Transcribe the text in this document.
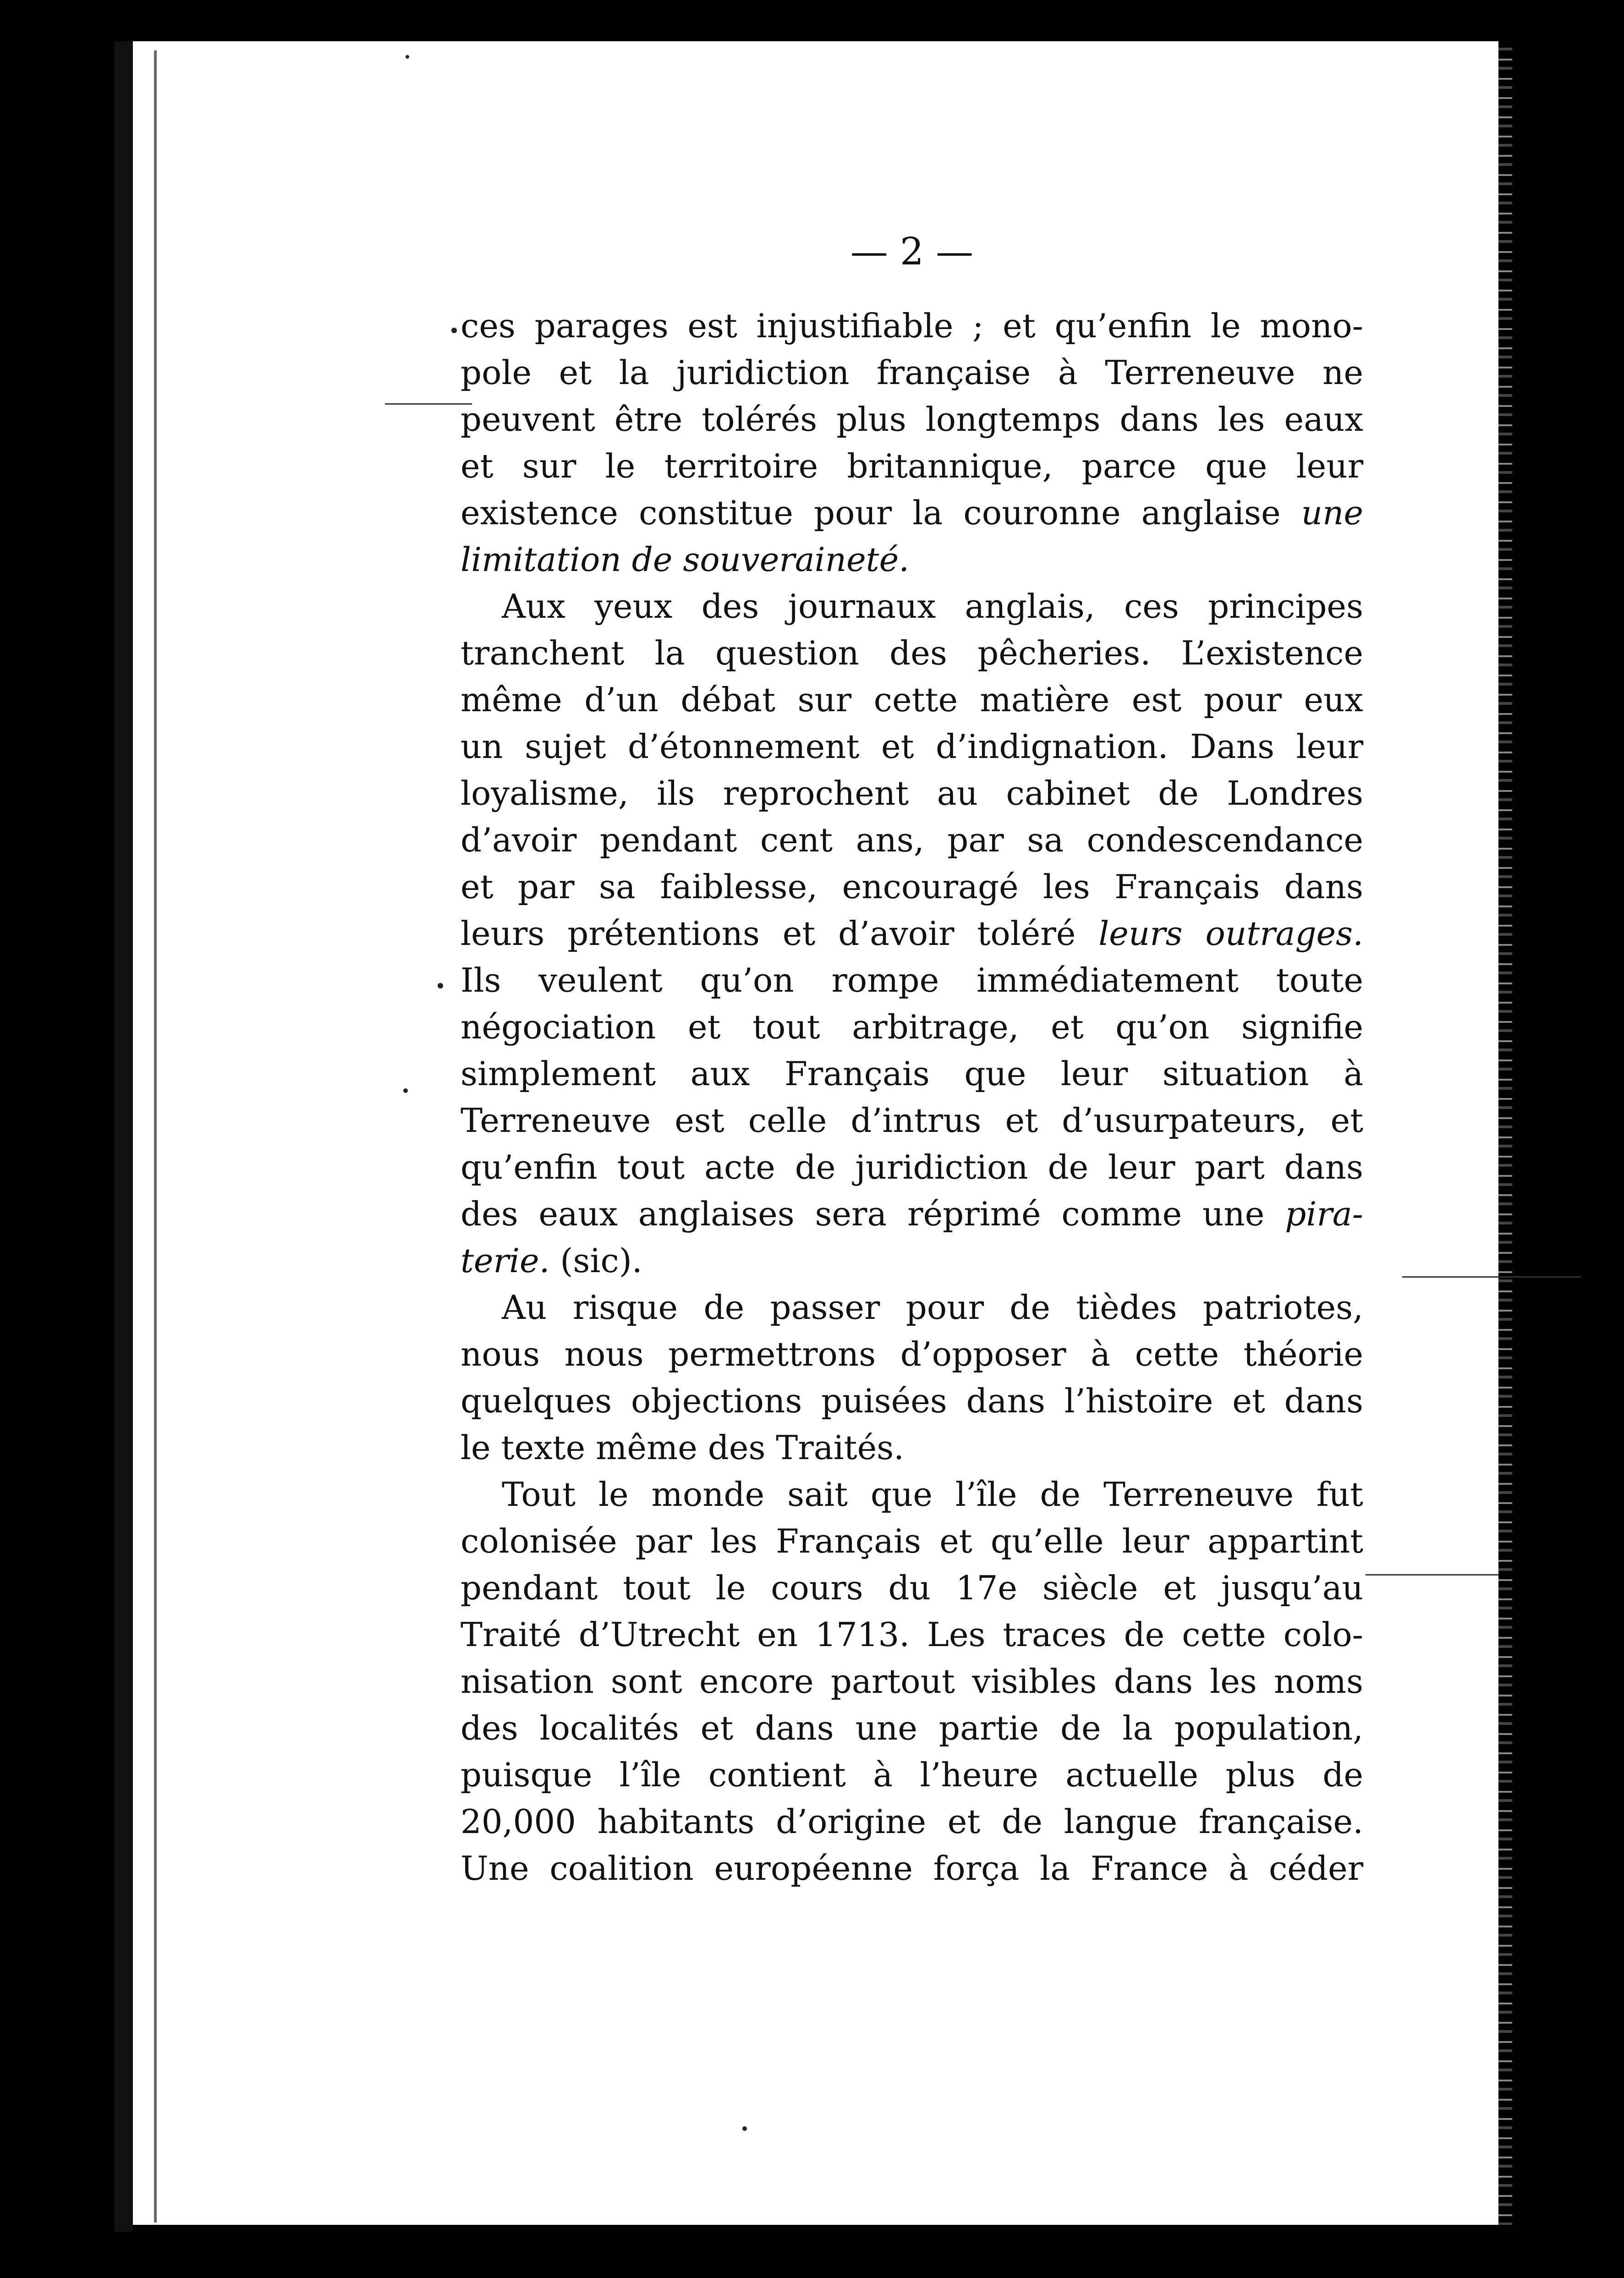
— 2 —
ces parages est injustifiable ; et qu’enfin le mono-
pole et la juridiction française à Terreneuve ne
peuvent être tolérés plus longtemps dans les eaux
et sur le territoire britannique, parce que leur
existence constitue pour la couronne anglaise une
limitation de souveraineté.
Aux yeux des journaux anglais, ces principes
tranchent la question des pêcheries. L’existence
même d’un débat sur cette matière est pour eux
un sujet d’étonnement et d’indignation. Dans leur
loyalisme, ils reprochent au cabinet de Londres
d’avoir pendant cent ans, par sa condescendance
et par sa faiblesse, encouragé les Français dans
leurs prétentions et d’avoir toléré leurs outrages.
Ils veulent qu’on rompe immédiatement toute
négociation et tout arbitrage, et qu’on signifie
simplement aux Français que leur situation à
Terreneuve est celle d’intrus et d’usurpateurs, et
qu’enfin tout acte de juridiction de leur part dans
des eaux anglaises sera réprimé comme une pira-
terie. (sic).
Au risque de passer pour de tièdes patriotes,
nous nous permettrons d’opposer à cette théorie
quelques objections puisées dans l’histoire et dans
le texte même des Traités.
Tout le monde sait que l’île de Terreneuve fut
colonisée par les Français et qu’elle leur appartint
pendant tout le cours du 17e siècle et jusqu’au
Traité d’Utrecht en 1713. Les traces de cette colo-
nisation sont encore partout visibles dans les noms
des localités et dans une partie de la population,
puisque l’île contient à l’heure actuelle plus de
20,000 habitants d’origine et de langue française.
Une coalition européenne força la France à céder
